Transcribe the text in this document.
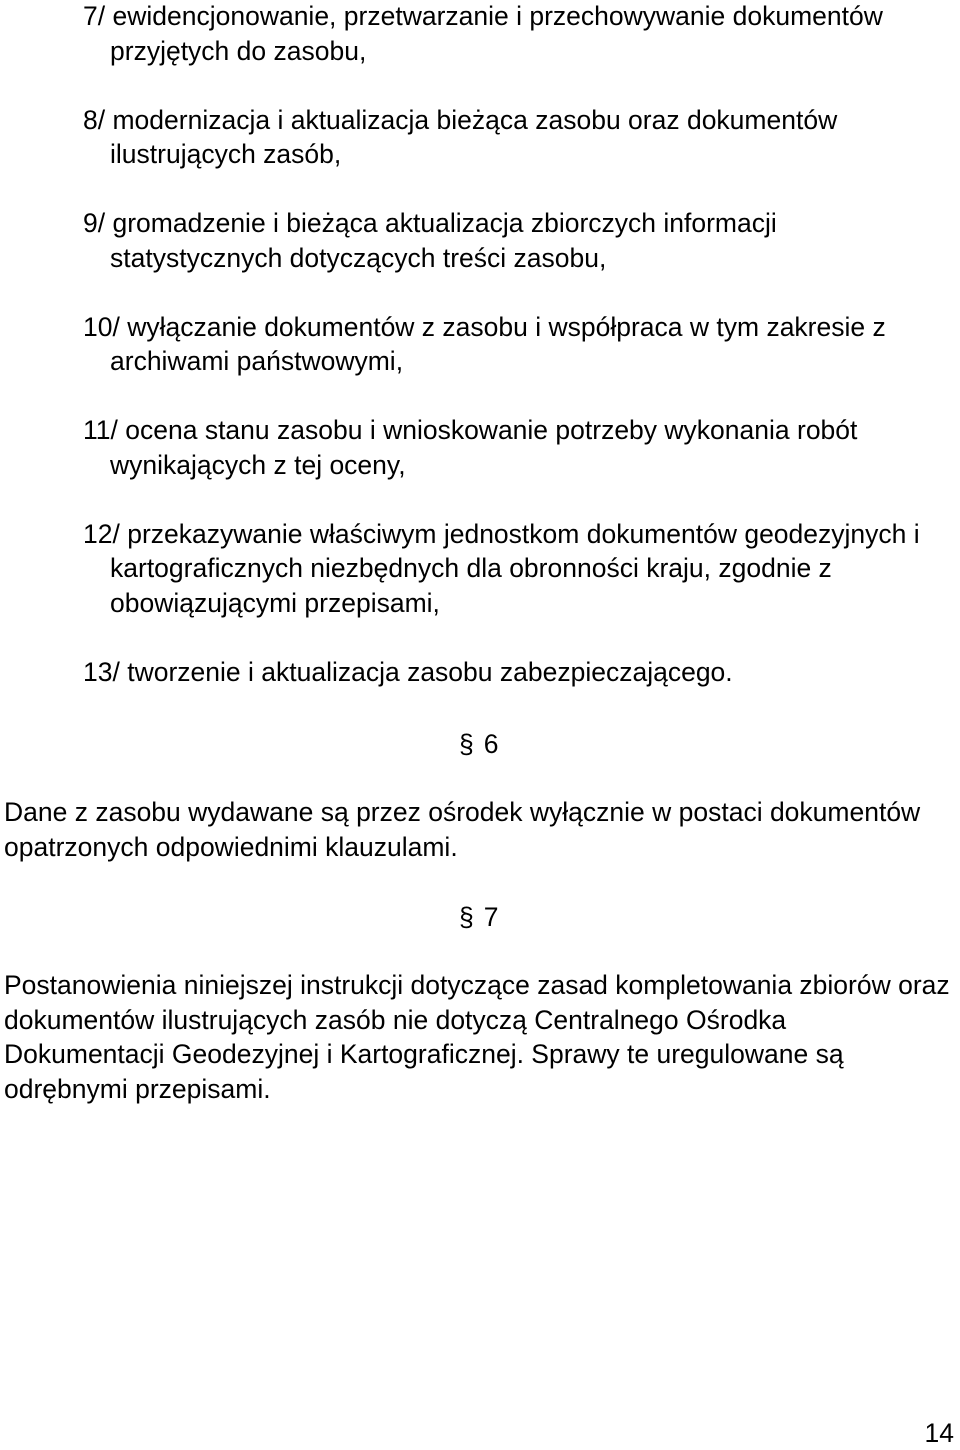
7/ ewidencjonowanie, przetwarzanie i przechowywanie dokumentów przyjętych do zasobu,
8/ modernizacja i aktualizacja bieżąca zasobu oraz dokumentów ilustrujących zasób,
9/ gromadzenie i bieżąca aktualizacja zbiorczych informacji statystycznych dotyczących treści zasobu,
10/ wyłączanie dokumentów z zasobu i współpraca w tym zakresie z archiwami państwowymi,
11/ ocena stanu zasobu i wnioskowanie potrzeby wykonania robót wynikających z tej oceny,
12/ przekazywanie właściwym jednostkom dokumentów geodezyjnych i kartograficznych niezbędnych dla obronności kraju, zgodnie z obowiązującymi przepisami,
13/ tworzenie i aktualizacja zasobu zabezpieczającego.
§ 6
Dane z zasobu wydawane są przez ośrodek wyłącznie w postaci dokumentów opatrzonych odpowiednimi klauzulami.
§ 7
Postanowienia niniejszej instrukcji dotyczące zasad kompletowania zbiorów oraz dokumentów ilustrujących zasób nie dotyczą Centralnego Ośrodka Dokumentacji Geodezyjnej i Kartograficznej. Sprawy te uregulowane są odrębnymi przepisami.
14
